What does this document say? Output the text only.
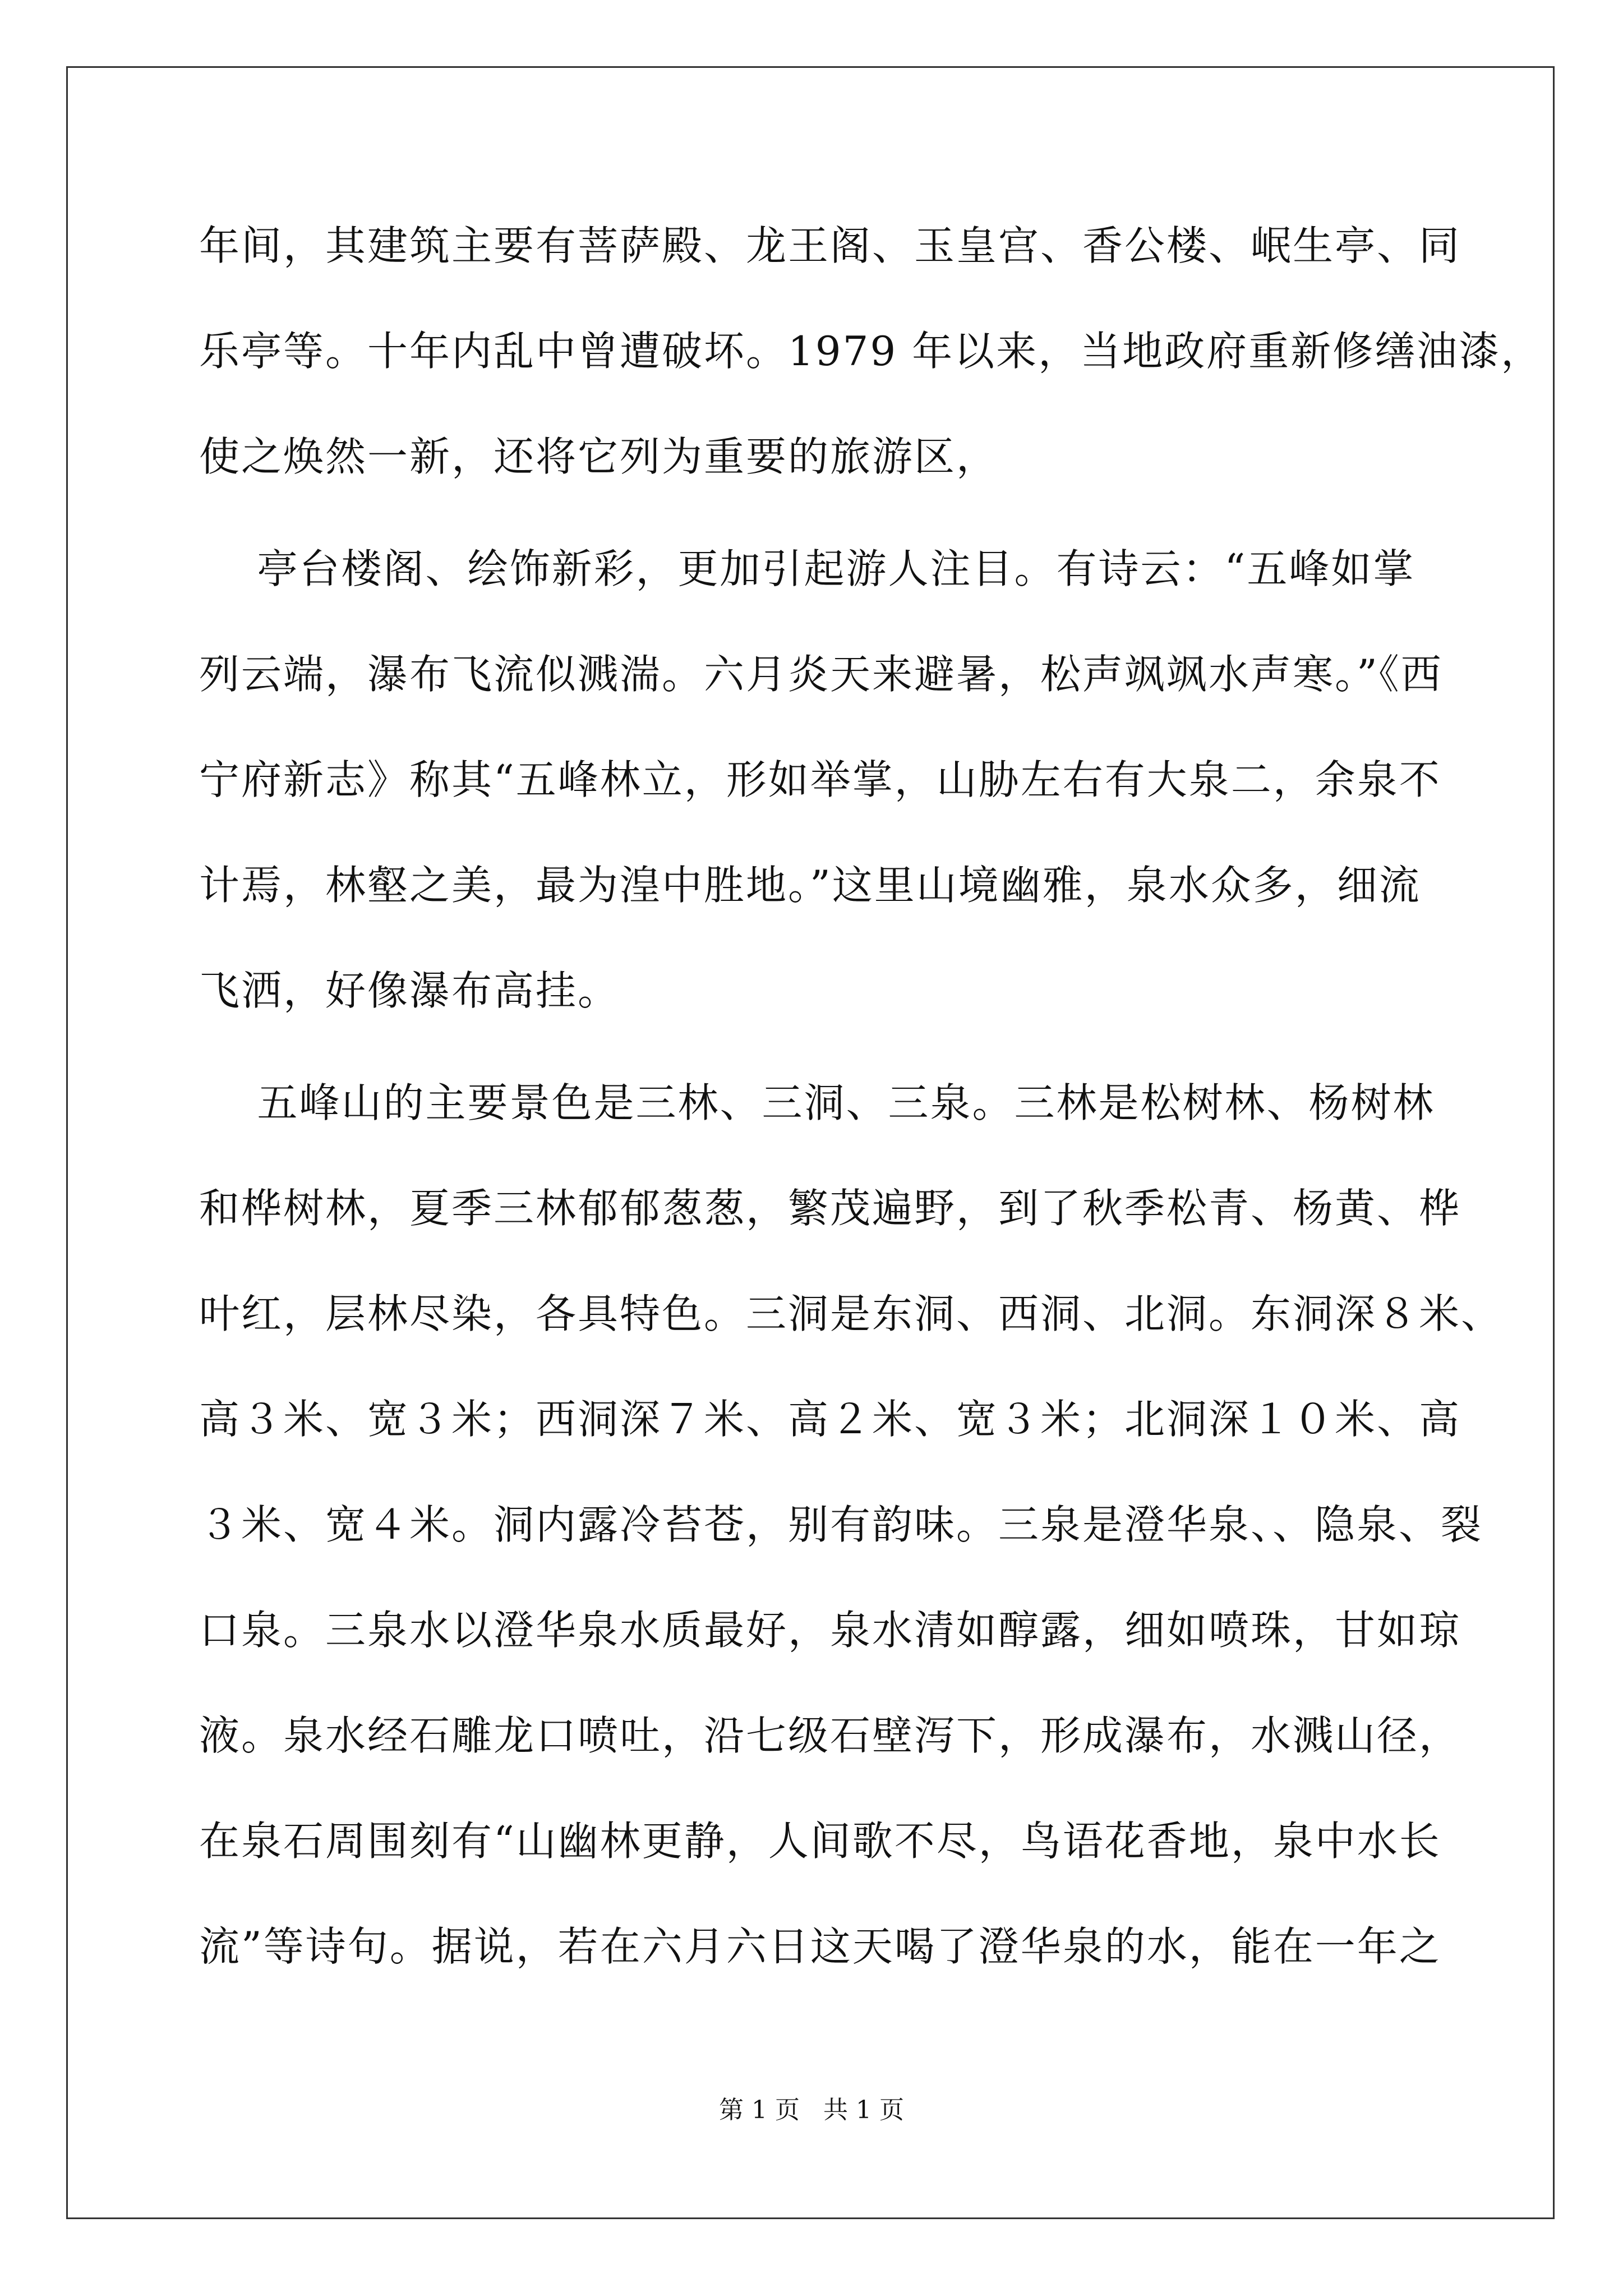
年间，其建筑主要有菩萨殿、龙王阁、玉皇宫、香公楼、岷生亭、同
乐亭等。十年内乱中曾遭破坏。1979 年以来，当地政府重新修缮油漆，
使之焕然一新，还将它列为重要的旅游区，
亭台楼阁、绘饰新彩，更加引起游人注目。有诗云：“五峰如掌
列云端，瀑布飞流似溅湍。六月炎天来避暑，松声飒飒水声寒。”《西
宁府新志》称其“五峰林立，形如举掌，山胁左右有大泉二，余泉不
计焉，林壑之美，最为湟中胜地。”这里山境幽雅，泉水众多，细流
飞洒，好像瀑布高挂。
五峰山的主要景色是三林、三洞、三泉。三林是松树林、杨树林
和桦树林，夏季三林郁郁葱葱，繁茂遍野，到了秋季松青、杨黄、桦
叶红，层林尽染，各具特色。三洞是东洞、西洞、北洞。东洞深８米、
高３米、宽３米；西洞深７米、高２米、宽３米；北洞深１０米、高
３米、宽４米。洞内露冷苔苍，别有韵味。三泉是澄华泉、、隐泉、裂
口泉。三泉水以澄华泉水质最好，泉水清如醇露，细如喷珠，甘如琼
液。泉水经石雕龙口喷吐，沿七级石壁泻下，形成瀑布，水溅山径，
在泉石周围刻有“山幽林更静，人间歌不尽，鸟语花香地，泉中水长
流”等诗句。据说，若在六月六日这天喝了澄华泉的水，能在一年之
第 1 页   共 1 页
